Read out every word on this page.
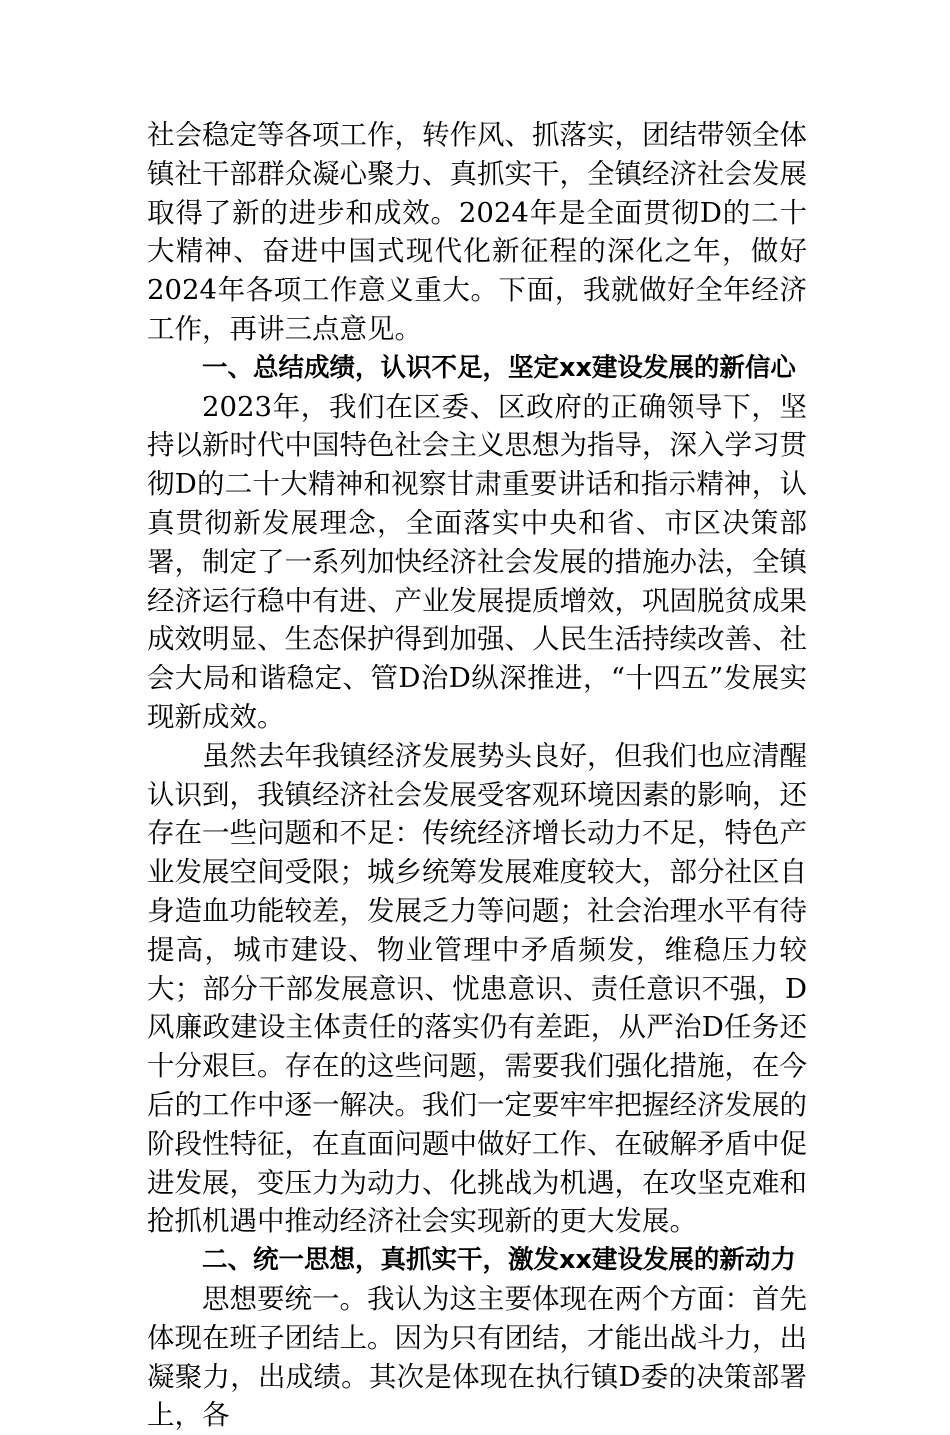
社会稳定等各项工作，转作风、抓落实，团结带领全体镇社干部群众凝心聚力、真抓实干，全镇经济社会发展取得了新的进步和成效。2024年是全面贯彻D的二十大精神、奋进中国式现代化新征程的深化之年，做好2024年各项工作意义重大。下面，我就做好全年经济工作，再讲三点意见。

一、总结成绩，认识不足，坚定xx建设发展的新信心

2023年，我们在区委、区政府的正确领导下，坚持以新时代中国特色社会主义思想为指导，深入学习贯彻D的二十大精神和视察甘肃重要讲话和指示精神，认真贯彻新发展理念，全面落实中央和省、市区决策部署，制定了一系列加快经济社会发展的措施办法，全镇经济运行稳中有进、产业发展提质增效，巩固脱贫成果成效明显、生态保护得到加强、人民生活持续改善、社会大局和谐稳定、管D治D纵深推进，“十四五”发展实现新成效。

虽然去年我镇经济发展势头良好，但我们也应清醒认识到，我镇经济社会发展受客观环境因素的影响，还存在一些问题和不足：传统经济增长动力不足，特色产业发展空间受限；城乡统筹发展难度较大，部分社区自身造血功能较差，发展乏力等问题；社会治理水平有待提高，城市建设、物业管理中矛盾频发，维稳压力较大；部分干部发展意识、忧患意识、责任意识不强，D风廉政建设主体责任的落实仍有差距，从严治D任务还十分艰巨。存在的这些问题，需要我们强化措施，在今后的工作中逐一解决。我们一定要牢牢把握经济发展的阶段性特征，在直面问题中做好工作、在破解矛盾中促进发展，变压力为动力、化挑战为机遇，在攻坚克难和抢抓机遇中推动经济社会实现新的更大发展。

二、统一思想，真抓实干，激发xx建设发展的新动力

思想要统一。我认为这主要体现在两个方面：首先体现在班子团结上。因为只有团结，才能出战斗力，出凝聚力，出成绩。其次是体现在执行镇D委的决策部署上，各
